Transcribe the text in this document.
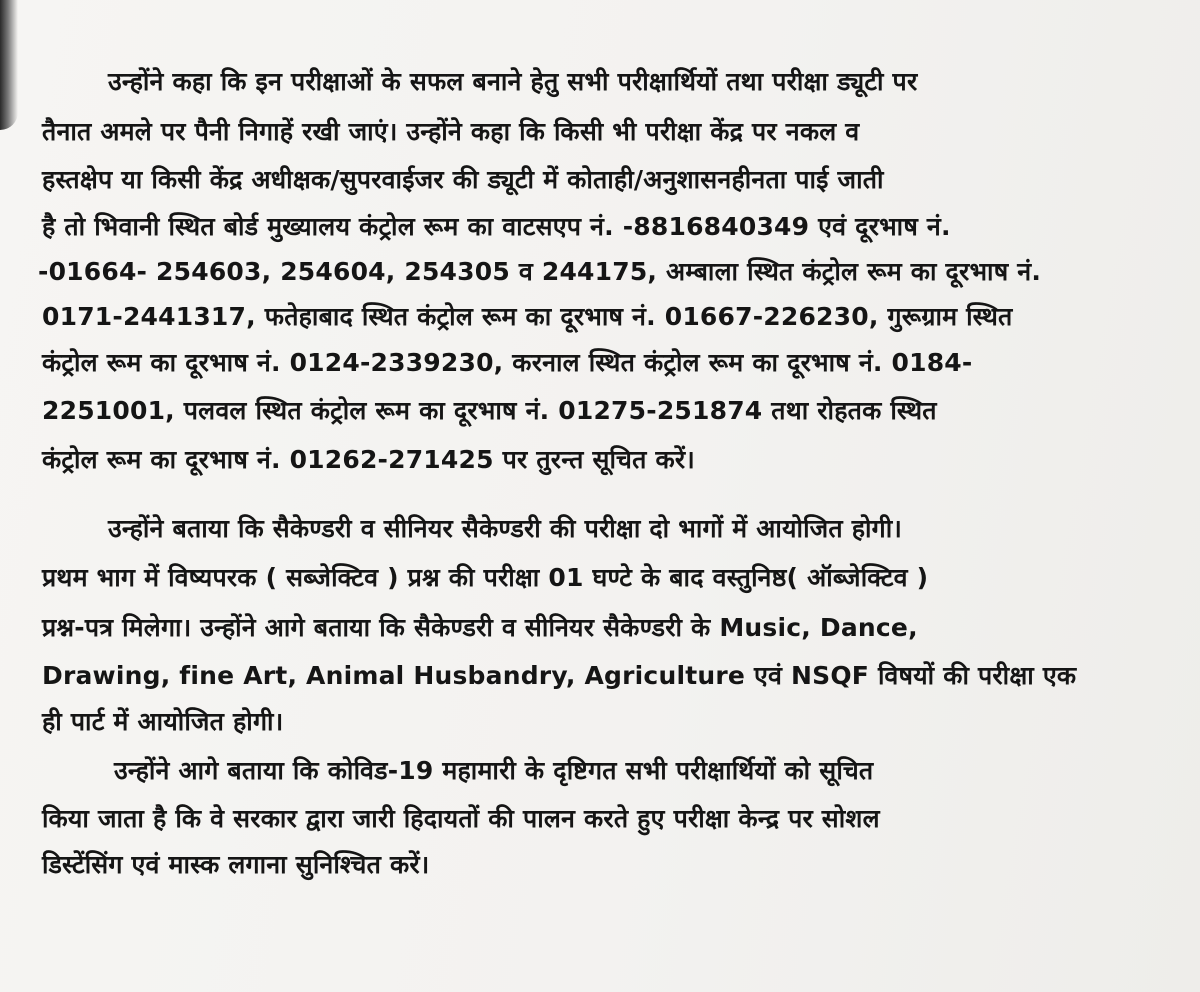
उन्होंने कहा कि इन परीक्षाओं के सफल बनाने हेतु सभी परीक्षार्थियों तथा परीक्षा ड्यूटी पर

तैनात अमले पर पैनी निगाहें रखी जाएं। उन्होंने कहा कि किसी भी परीक्षा केंद्र पर नकल व

हस्तक्षेप या किसी केंद्र अधीक्षक/सुपरवाईजर की ड्यूटी में कोताही/अनुशासनहीनता पाई जाती

है तो भिवानी स्थित बोर्ड मुख्यालय कंट्रोल रूम का वाटसएप नं. -8816840349 एवं दूरभाष नं.

-01664- 254603, 254604, 254305 व 244175, अम्बाला स्थित कंट्रोल रूम का दूरभाष नं.

0171-2441317, फतेहाबाद स्थित कंट्रोल रूम का दूरभाष नं. 01667-226230, गुरूग्राम स्थित

कंट्रोल रूम का दूरभाष नं. 0124-2339230, करनाल स्थित कंट्रोल रूम का दूरभाष नं. 0184-

2251001, पलवल स्थित कंट्रोल रूम का दूरभाष नं. 01275-251874 तथा रोहतक स्थित

कंट्रोल रूम का दूरभाष नं. 01262-271425 पर तुरन्त सूचित करें।

उन्होंने बताया कि सैकेण्डरी व सीनियर सैकेण्डरी की परीक्षा दो भागों में आयोजित होगी।

प्रथम भाग में विष्यपरक ( सब्जेक्टिव ) प्रश्न की परीक्षा 01 घण्टे के बाद वस्तुनिष्ठ( ऑब्जेक्टिव )

प्रश्न-पत्र मिलेगा। उन्होंने आगे बताया कि सैकेण्डरी व सीनियर सैकेण्डरी के Music, Dance,

Drawing, fine Art, Animal Husbandry, Agriculture एवं NSQF विषयों की परीक्षा एक

ही पार्ट में आयोजित होगी।

उन्होंने आगे बताया कि कोविड-19 महामारी के दृष्टिगत सभी परीक्षार्थियों को सूचित

किया जाता है कि वे सरकार द्वारा जारी हिदायतों की पालन करते हुए परीक्षा केन्द्र पर सोशल

डिस्टेंसिंग एवं मास्क लगाना सुनिश्चित करें।
